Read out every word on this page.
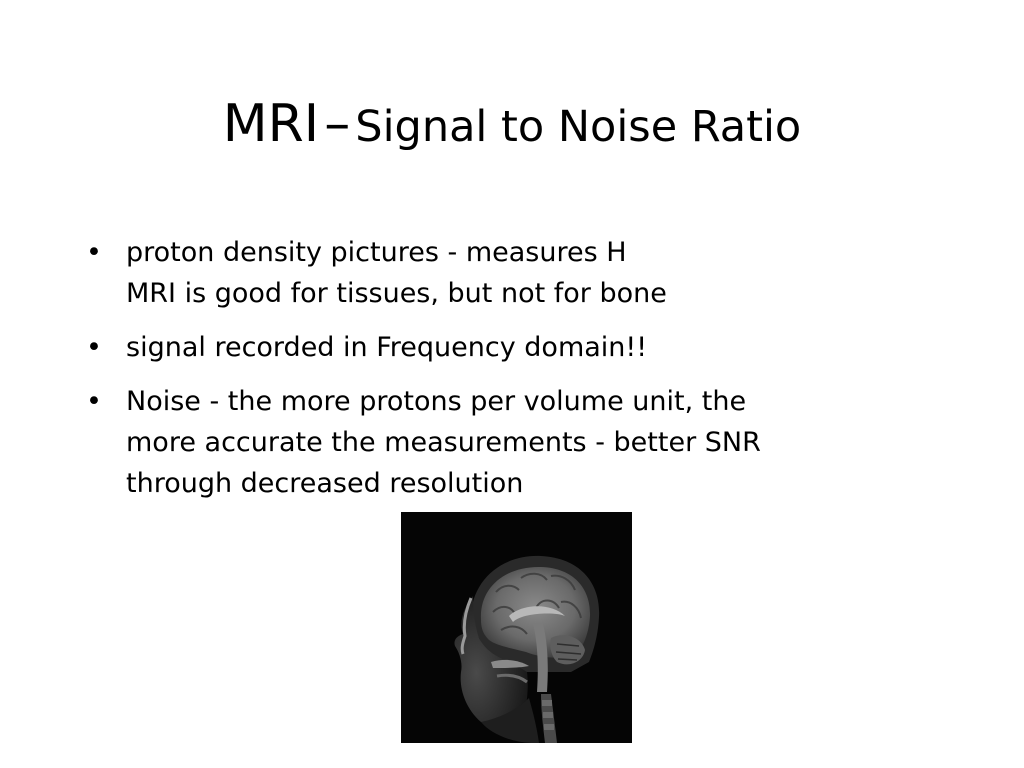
MRI – Signal to Noise Ratio
• proton density pictures - measures H
MRI is good for tissues, but not for bone
• signal recorded in Frequency domain!!
• Noise - the more protons per volume unit, the
more accurate the measurements - better SNR
through decreased resolution
